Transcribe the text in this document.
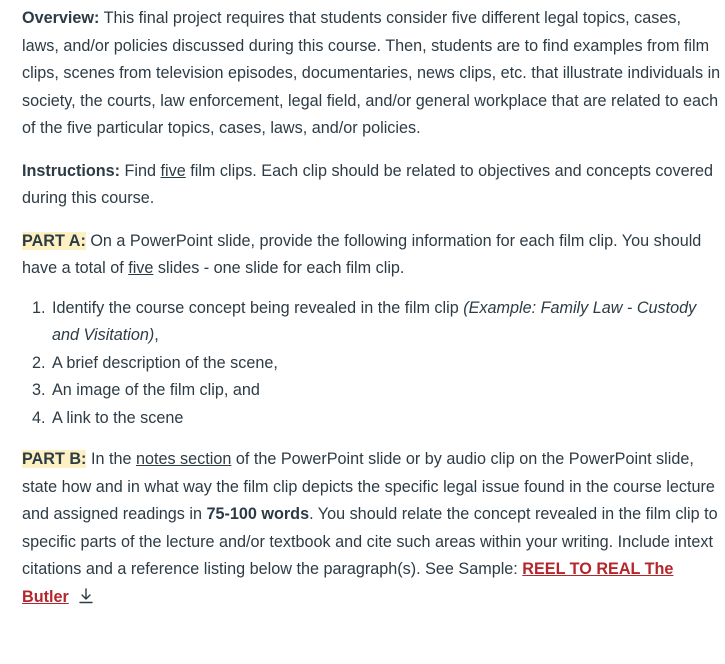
Overview: This final project requires that students consider five different legal topics, cases, laws, and/or policies discussed during this course. Then, students are to find examples from film clips, scenes from television episodes, documentaries, news clips, etc. that illustrate individuals in society, the courts, law enforcement, legal field, and/or general workplace that are related to each of the five particular topics, cases, laws, and/or policies.

Instructions: Find five film clips. Each clip should be related to objectives and concepts covered during this course.

PART A: On a PowerPoint slide, provide the following information for each film clip. You should have a total of five slides - one slide for each film clip.

1. Identify the course concept being revealed in the film clip (Example: Family Law - Custody and Visitation),
2. A brief description of the scene,
3. An image of the film clip, and
4. A link to the scene

PART B: In the notes section of the PowerPoint slide or by audio clip on the PowerPoint slide, state how and in what way the film clip depicts the specific legal issue found in the course lecture and assigned readings in 75-100 words. You should relate the concept revealed in the film clip to specific parts of the lecture and/or textbook and cite such areas within your writing. Include intext citations and a reference listing below the paragraph(s). See Sample: REEL TO REAL The Butler
